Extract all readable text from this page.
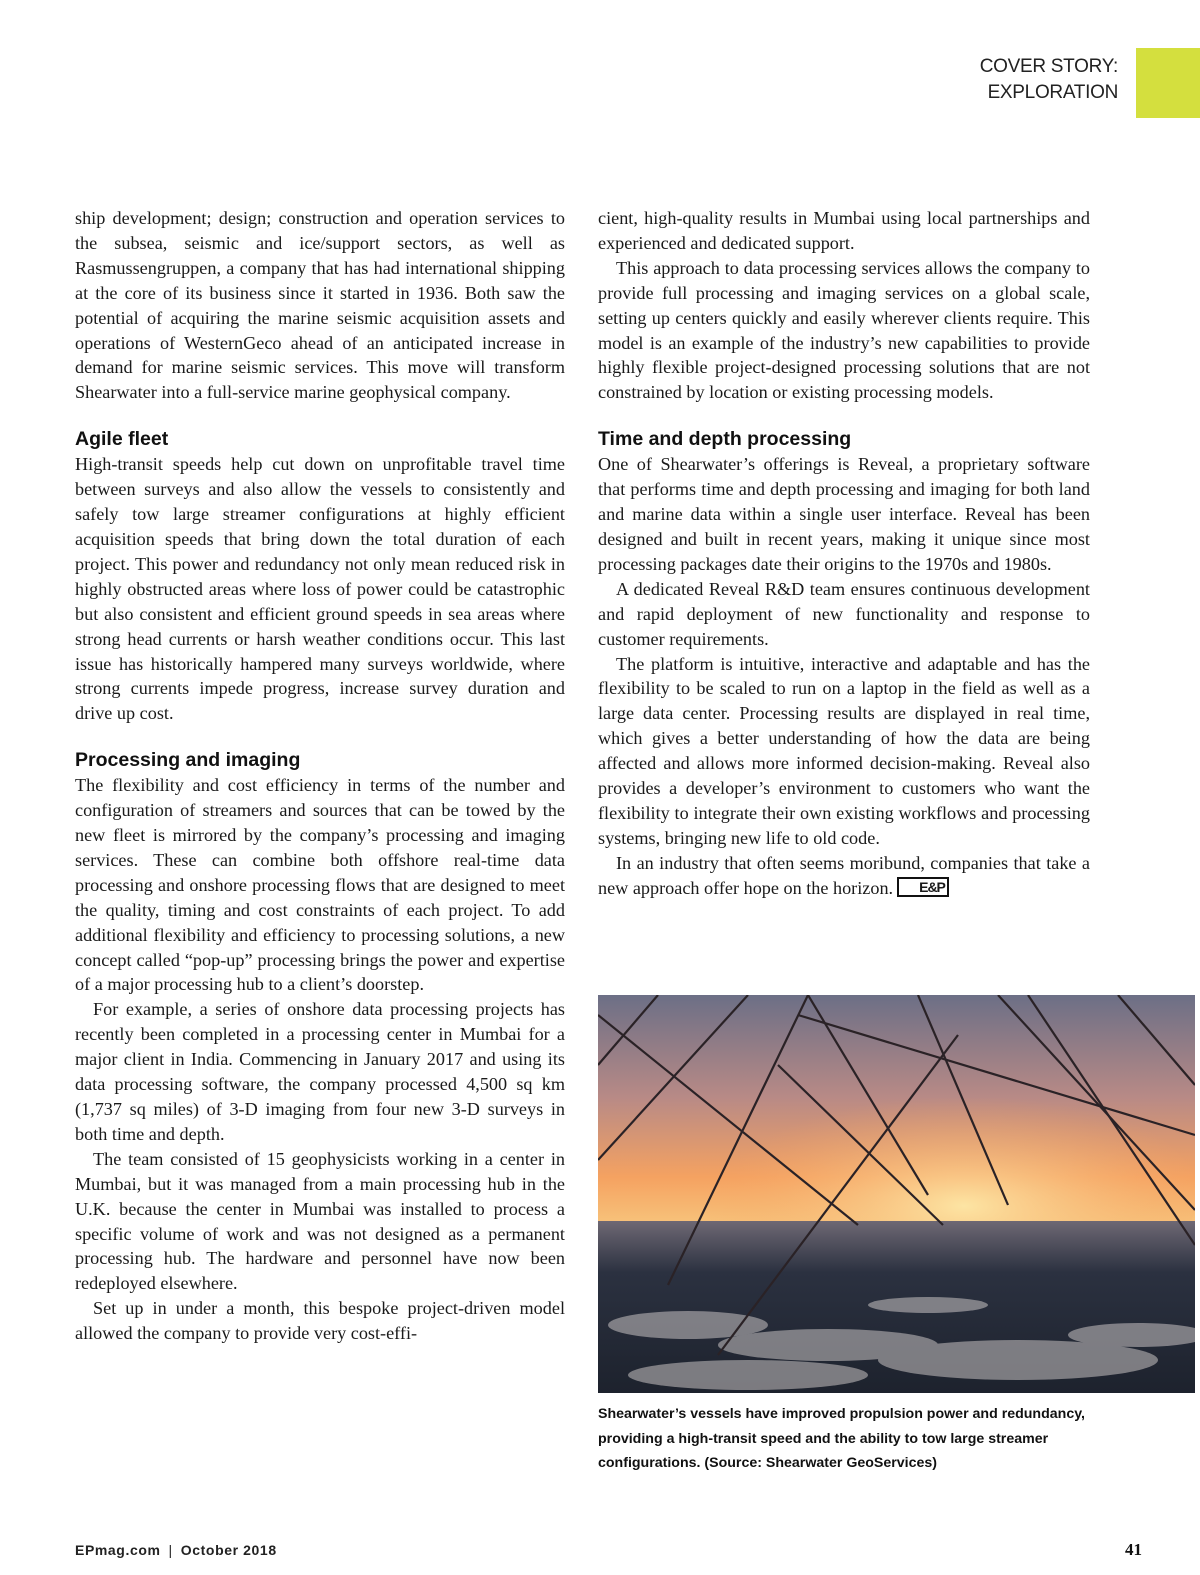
COVER STORY:
EXPLORATION

ship development; design; construction and operation services to the subsea, seismic and ice/support sectors, as well as Rasmussengruppen, a company that has had international shipping at the core of its business since it started in 1936. Both saw the potential of acquiring the marine seismic acquisition assets and operations of WesternGeco ahead of an anticipated increase in demand for marine seismic services. This move will transform Shearwater into a full-service marine geophysical company.

Agile fleet

High-transit speeds help cut down on unprofitable travel time between surveys and also allow the vessels to consistently and safely tow large streamer configurations at highly efficient acquisition speeds that bring down the total duration of each project. This power and redundancy not only mean reduced risk in highly obstructed areas where loss of power could be catastrophic but also consistent and efficient ground speeds in sea areas where strong head currents or harsh weather conditions occur. This last issue has historically hampered many surveys worldwide, where strong currents impede progress, increase survey duration and drive up cost.

Processing and imaging

The flexibility and cost efficiency in terms of the number and configuration of streamers and sources that can be towed by the new fleet is mirrored by the company’s processing and imaging services. These can combine both offshore real-time data processing and onshore processing flows that are designed to meet the quality, timing and cost constraints of each project. To add additional flexibility and efficiency to processing solutions, a new concept called “pop-up” processing brings the power and expertise of a major processing hub to a client’s doorstep.

For example, a series of onshore data processing projects has recently been completed in a processing center in Mumbai for a major client in India. Commencing in January 2017 and using its data processing software, the company processed 4,500 sq km (1,737 sq miles) of 3-D imaging from four new 3-D surveys in both time and depth.

The team consisted of 15 geophysicists working in a center in Mumbai, but it was managed from a main processing hub in the U.K. because the center in Mumbai was installed to process a specific volume of work and was not designed as a permanent processing hub. The hardware and personnel have now been redeployed elsewhere.

Set up in under a month, this bespoke project-driven model allowed the company to provide very cost-effi-

cient, high-quality results in Mumbai using local partnerships and experienced and dedicated support.

This approach to data processing services allows the company to provide full processing and imaging services on a global scale, setting up centers quickly and easily wherever clients require. This model is an example of the industry’s new capabilities to provide highly flexible project-designed processing solutions that are not constrained by location or existing processing models.

Time and depth processing

One of Shearwater’s offerings is Reveal, a proprietary software that performs time and depth processing and imaging for both land and marine data within a single user interface. Reveal has been designed and built in recent years, making it unique since most processing packages date their origins to the 1970s and 1980s.

A dedicated Reveal R&D team ensures continuous development and rapid deployment of new functionality and response to customer requirements.

The platform is intuitive, interactive and adaptable and has the flexibility to be scaled to run on a laptop in the field as well as a large data center. Processing results are displayed in real time, which gives a better understanding of how the data are being affected and allows more informed decision-making. Reveal also provides a developer’s environment to customers who want the flexibility to integrate their own existing workflows and processing systems, bringing new life to old code.

In an industry that often seems moribund, companies that take a new approach offer hope on the horizon. E&P

Shearwater’s vessels have improved propulsion power and redundancy, providing a high-transit speed and the ability to tow large streamer configurations. (Source: Shearwater GeoServices)
EPmag.com | October 2018	41
